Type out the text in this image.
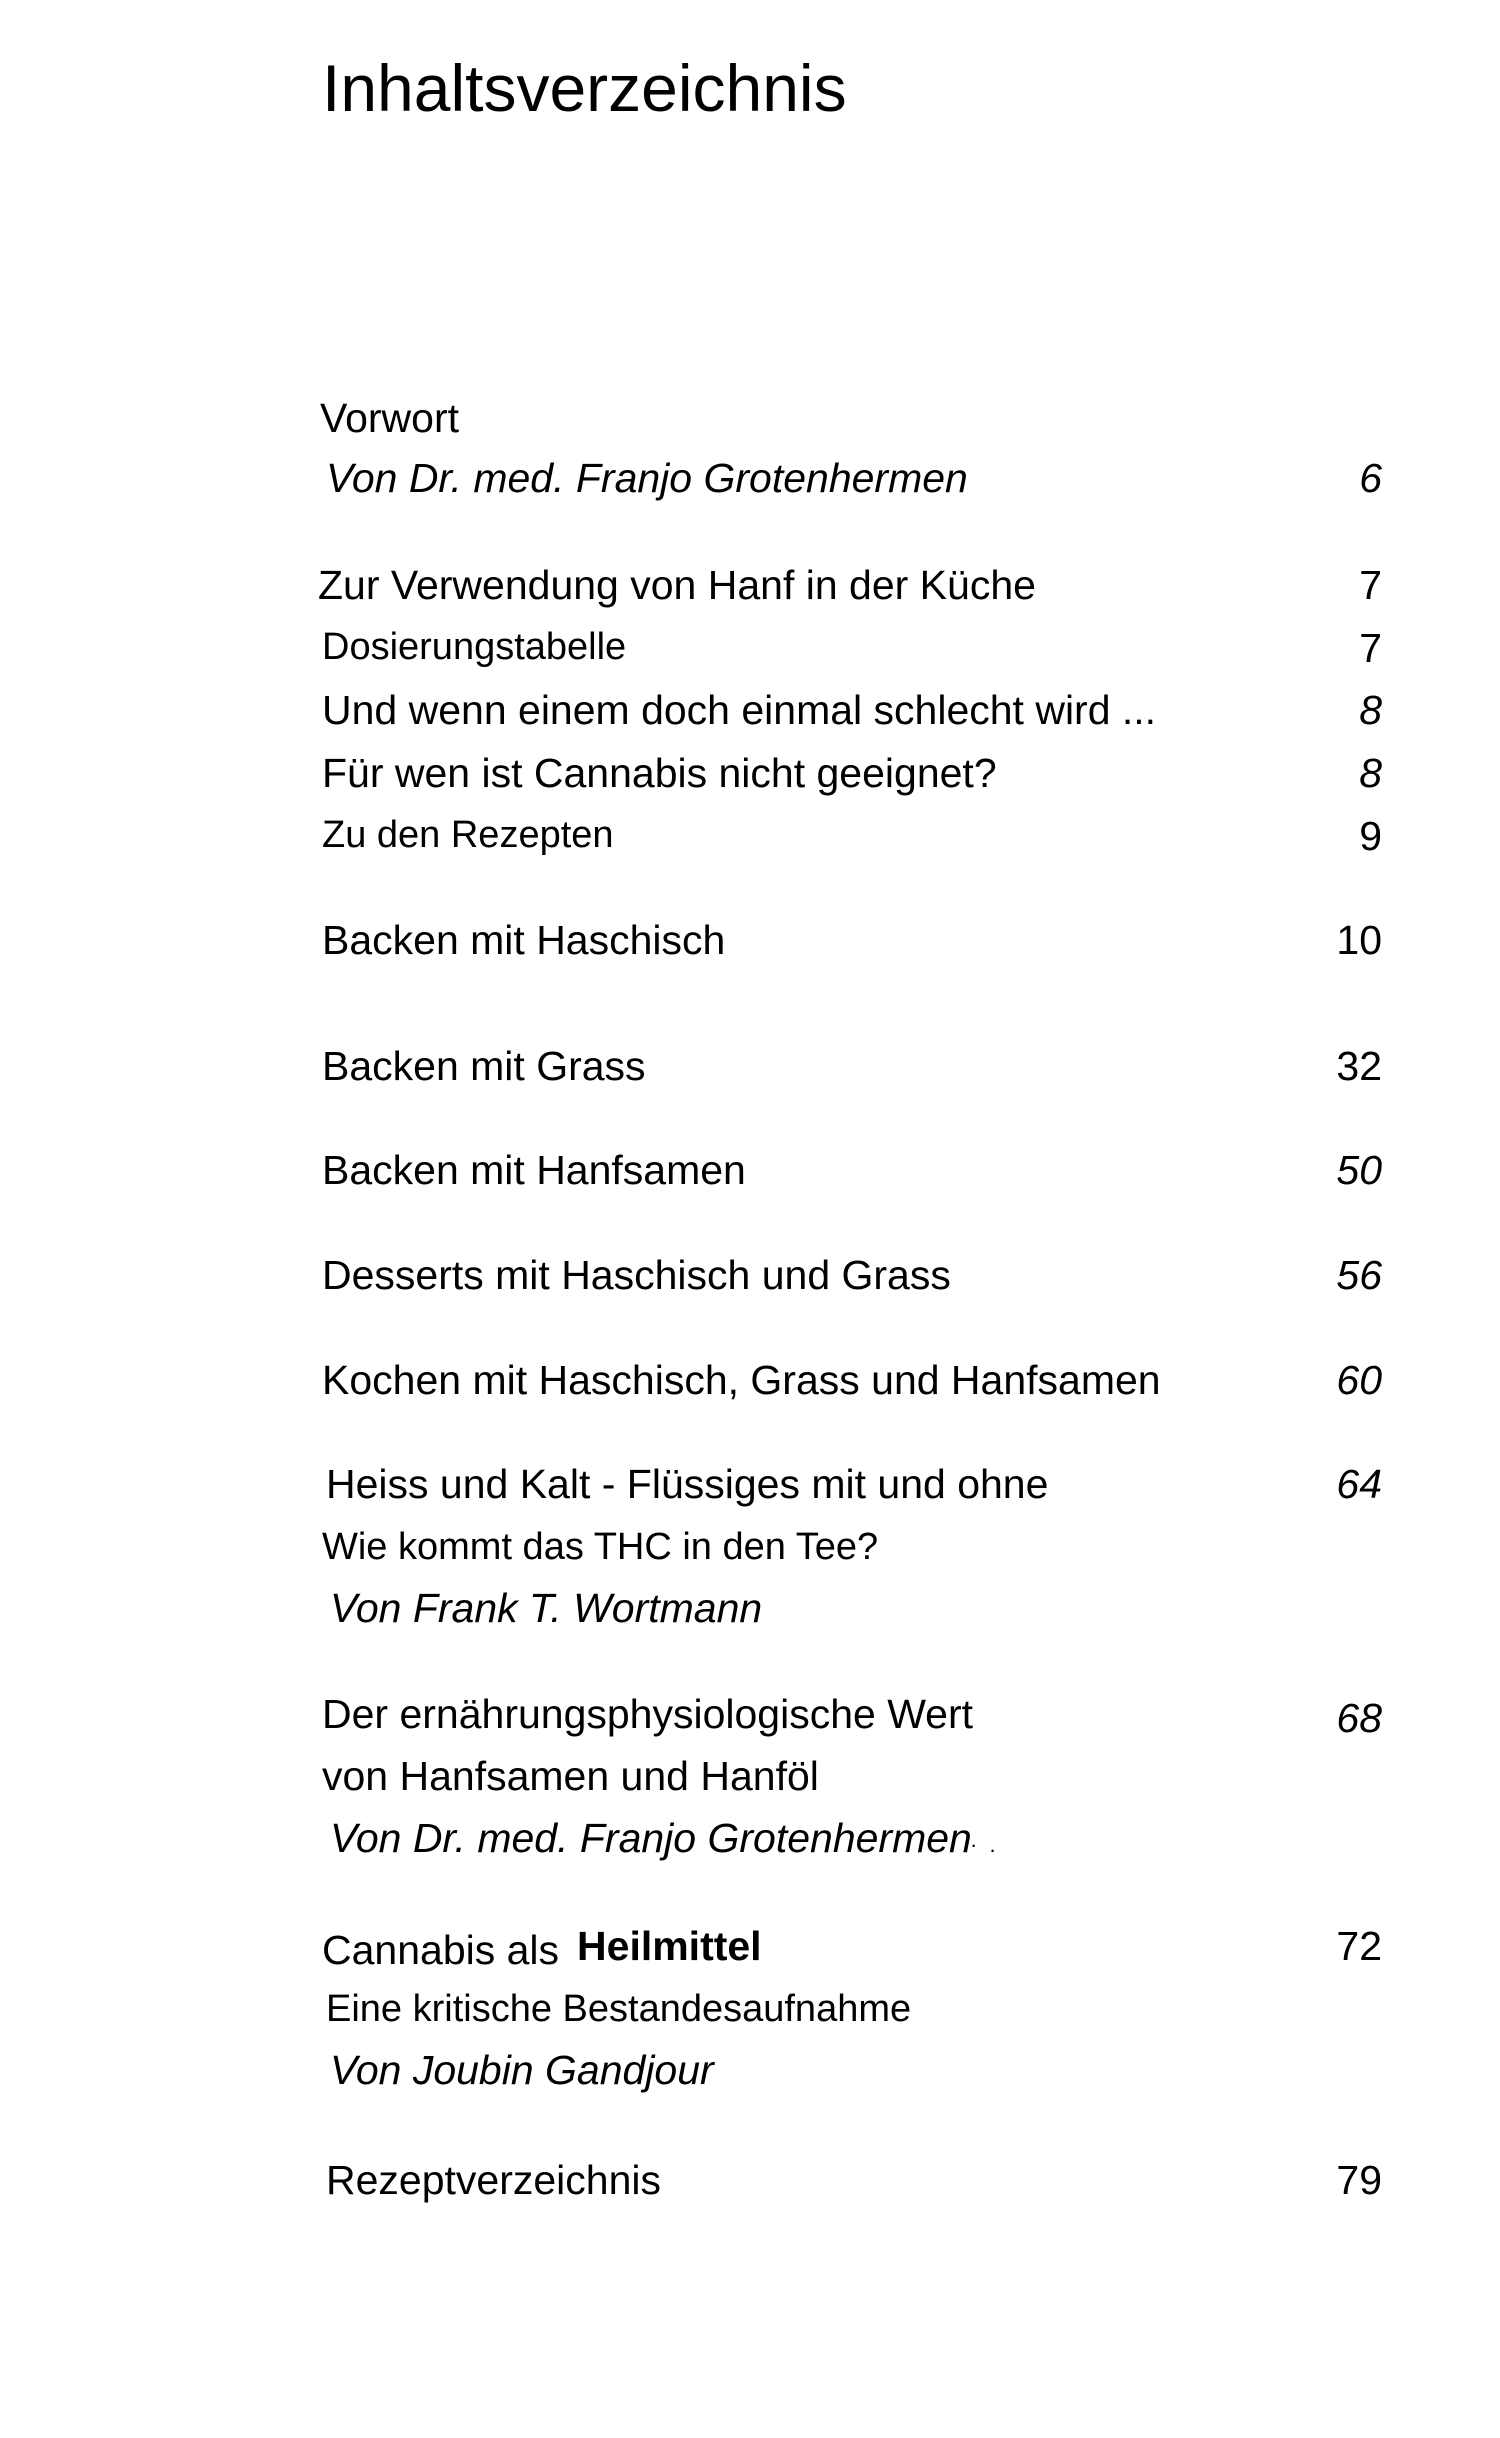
Inhaltsverzeichnis
Vorwort
Von Dr. med. Franjo Grotenhermen	6
Zur Verwendung von Hanf in der Küche	7
Dosierungstabelle	7
Und wenn einem doch einmal schlecht wird ...	8
Für wen ist Cannabis nicht geeignet?	8
Zu den Rezepten	9
Backen mit Haschisch	10
Backen mit Grass	32
Backen mit Hanfsamen	50
Desserts mit Haschisch und Grass	56
Kochen mit Haschisch, Grass und Hanfsamen	60
Heiss und Kalt - Flüssiges mit und ohne	64
Wie kommt das THC in den Tee?
Von Frank T. Wortmann
Der ernährungsphysiologische Wert	68
von Hanfsamen und Hanföl
Von Dr. med. Franjo Grotenhermen
·  .
Cannabis als Heilmittel	72
Eine kritische Bestandesaufnahme
Von Joubin Gandjour
Rezeptverzeichnis	79
